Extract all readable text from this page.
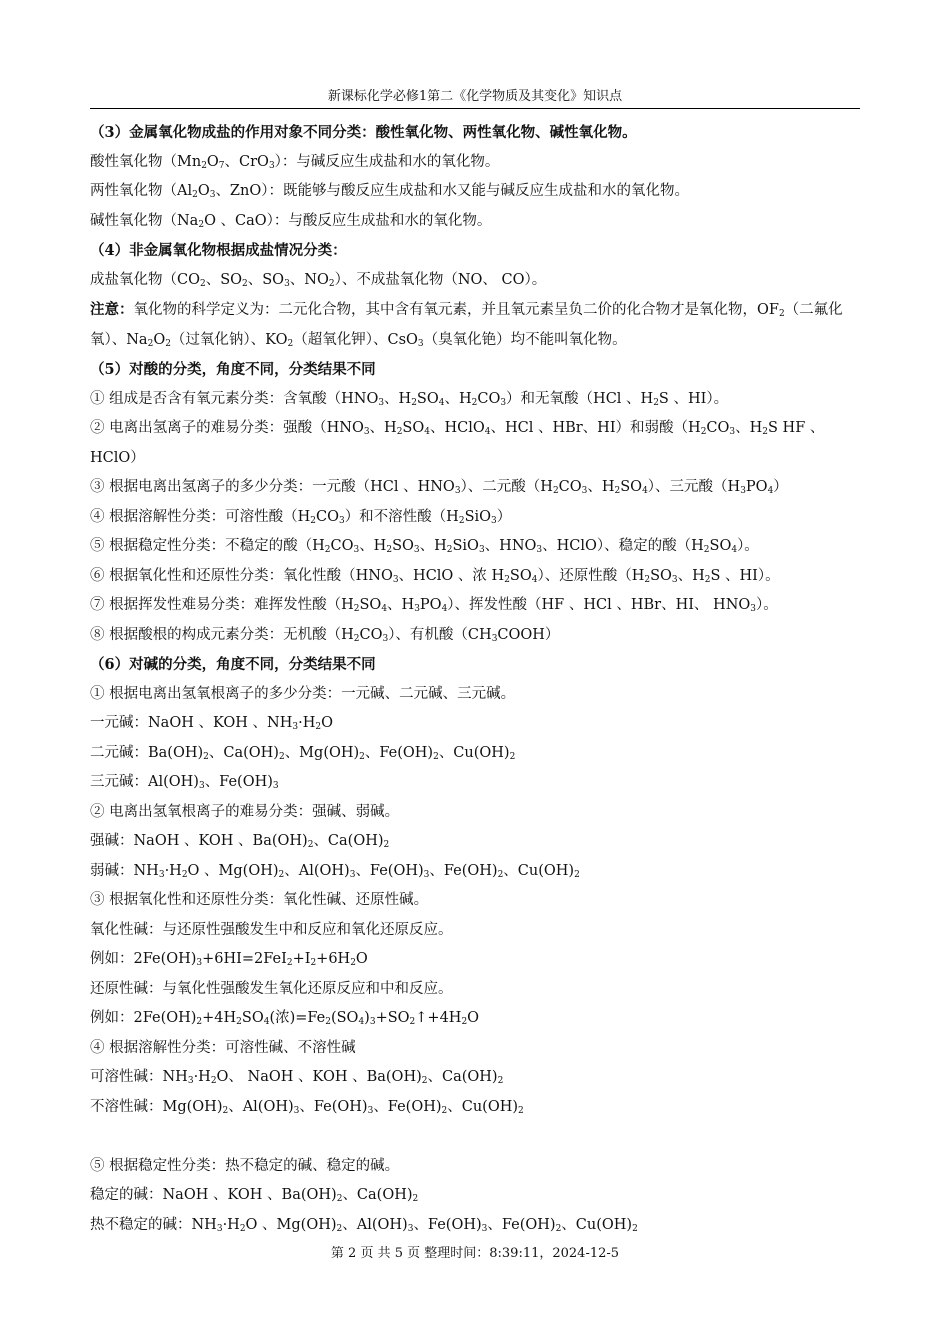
新课标化学必修1第二《化学物质及其变化》知识点
（3）金属氧化物成盐的作用对象不同分类：酸性氧化物、两性氧化物、碱性氧化物。
酸性氧化物（$Mn_2O_7$、CrO$_3$）：与碱反应生成盐和水的氧化物。
两性氧化物（$Al_2O_3$、ZnO）：既能够与酸反应生成盐和水又能与碱反应生成盐和水的氧化物。
碱性氧化物（$Na_2O$ 、CaO）：与酸反应生成盐和水的氧化物。
（4）非金属氧化物根据成盐情况分类：
成盐氧化物（$CO_2$、$SO_2$、$SO_3$、$NO_2$）、不成盐氧化物（NO、 CO）。
注意：氧化物的科学定义为：二元化合物，其中含有氧元素，并且氧元素呈负二价的化合物才是氧化物，$OF_2$（二氟化氧）、$Na_2O_2$（过氧化钠）、$KO_2$（超氧化钾）、CsO$_3$（臭氧化铯）均不能叫氧化物。
（5）对酸的分类，角度不同，分类结果不同
① 组成是否含有氧元素分类：含氧酸（$HNO_3$、$H_2SO_4$、$H_2CO_3$）和无氧酸（HCl 、$H_2S$ 、HI）。
② 电离出氢离子的难易分类：强酸（$HNO_3$、$H_2SO_4$、HClO$_4$、HCl 、HBr、HI）和弱酸（$H_2CO_3$、$H_2S$ HF 、HClO）
③ 根据电离出氢离子的多少分类：一元酸（HCl 、$HNO_3$）、二元酸（$H_2CO_3$、$H_2SO_4$）、三元酸$(H_3PO_4)$
④ 根据溶解性分类：可溶性酸$(H_2CO_3)$和不溶性酸$(H_2SiO_3)$
⑤ 根据稳定性分类：不稳定的酸（$H_2CO_3$、$H_2SO_3$、$H_2SiO_3$、$HNO_3$、HClO）、稳定的酸$(H_2SO_4)$。
⑥ 根据氧化性和还原性分类：氧化性酸（$HNO_3$、HClO 、浓 $H_2SO_4$）、还原性酸（$H_2SO_3$、$H_2S$ 、HI）。
⑦ 根据挥发性难易分类：难挥发性酸（$H_2SO_4$、$H_3PO_4$）、挥发性酸（HF 、HCl 、HBr、HI、 $HNO_3$）。
⑧ 根据酸根的构成元素分类：无机酸$(H_2CO_3)$、有机酸$(CH_3COOH)$
（6）对碱的分类，角度不同，分类结果不同
① 根据电离出氢氧根离子的多少分类：一元碱、二元碱、三元碱。
一元碱：NaOH 、KOH 、$NH_3\cdot H_2O$
二元碱：$Ba(OH)_2$、$Ca(OH)_2$、$Mg(OH)_2$、$Fe(OH)_2$、$Cu(OH)_2$
三元碱：$Al(OH)_3$、$Fe(OH)_3$
② 电离出氢氧根离子的难易分类：强碱、弱碱。
强碱：NaOH 、KOH 、$Ba(OH)_2$、$Ca(OH)_2$
弱碱：$NH_3\cdot H_2O$ 、$Mg(OH)_2$、$Al(OH)_3$、$Fe(OH)_3$、$Fe(OH)_2$、$Cu(OH)_2$
③ 根据氧化性和还原性分类：氧化性碱、还原性碱。
氧化性碱：与还原性强酸发生中和反应和氧化还原反应。
例如：$2Fe(OH)_3+6HI=2FeI_2+I_2+6H_2O$
还原性碱：与氧化性强酸发生氧化还原反应和中和反应。
例如：$2Fe(OH)_2+4H_2SO_4$(浓)$=Fe_2(SO_4)_3+SO_2↑+4H_2O$
④ 根据溶解性分类：可溶性碱、不溶性碱
可溶性碱：$NH_3\cdot H_2O$、 NaOH 、KOH 、$Ba(OH)_2$、$Ca(OH)_2$
不溶性碱：$Mg(OH)_2$、$Al(OH)_3$、$Fe(OH)_3$、$Fe(OH)_2$、$Cu(OH)_2$
⑤ 根据稳定性分类：热不稳定的碱、稳定的碱。
稳定的碱：NaOH 、KOH 、$Ba(OH)_2$、$Ca(OH)_2$
热不稳定的碱：$NH_3\cdot H_2O$ 、$Mg(OH)_2$、$Al(OH)_3$、$Fe(OH)_3$、$Fe(OH)_2$、$Cu(OH)_2$
第 2 页 共 5 页 整理时间：8:39:11，2024-12-5
